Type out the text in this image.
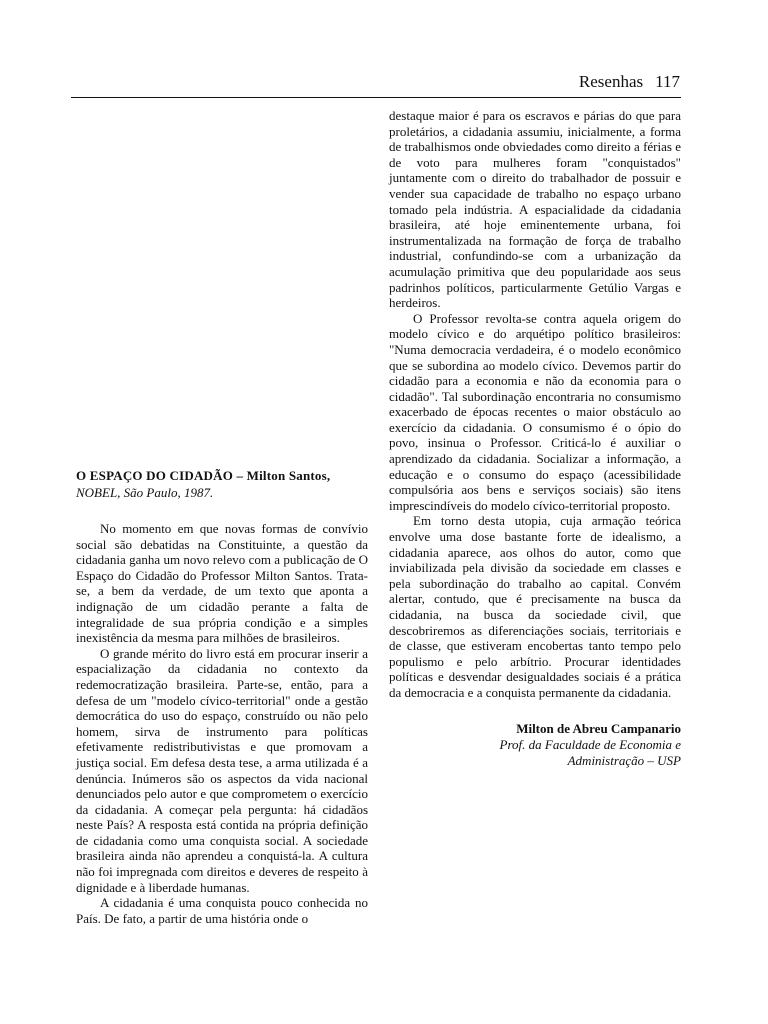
Resenhas 117
O ESPAÇO DO CIDADÃO – Milton Santos,
NOBEL, São Paulo, 1987.

No momento em que novas formas de convívio social são debatidas na Constituinte, a questão da cidadania ganha um novo relevo com a publicação de O Espaço do Cidadão do Professor Milton Santos. Trata-se, a bem da verdade, de um texto que aponta a indignação de um cidadão perante a falta de integralidade de sua própria condição e a simples inexistência da mesma para milhões de brasileiros.

O grande mérito do livro está em procurar inserir a espacialização da cidadania no contexto da redemocratização brasileira. Parte-se, então, para a defesa de um "modelo cívico-territorial" onde a gestão democrática do uso do espaço, construído ou não pelo homem, sirva de instrumento para políticas efetivamente redistributivistas e que promovam a justiça social. Em defesa desta tese, a arma utilizada é a denúncia. Inúmeros são os aspectos da vida nacional denunciados pelo autor e que comprometem o exercício da cidadania. A começar pela pergunta: há cidadãos neste País? A resposta está contida na própria definição de cidadania como uma conquista social. A sociedade brasileira ainda não aprendeu a conquistá-la. A cultura não foi impregnada com direitos e deveres de respeito à dignidade e à liberdade humanas.

A cidadania é uma conquista pouco conhecida no País. De fato, a partir de uma história onde o

destaque maior é para os escravos e párias do que para proletários, a cidadania assumiu, inicialmente, a forma de trabalhismos onde obviedades como direito a férias e de voto para mulheres foram "conquistados" juntamente com o direito do trabalhador de possuir e vender sua capacidade de trabalho no espaço urbano tomado pela indústria. A espacialidade da cidadania brasileira, até hoje eminentemente urbana, foi instrumentalizada na formação de força de trabalho industrial, confundindo-se com a urbanização da acumulação primitiva que deu popularidade aos seus padrinhos políticos, particularmente Getúlio Vargas e herdeiros.

O Professor revolta-se contra aquela origem do modelo cívico e do arquétipo político brasileiros: "Numa democracia verdadeira, é o modelo econômico que se subordina ao modelo cívico. Devemos partir do cidadão para a economia e não da economia para o cidadão". Tal subordinação encontraria no consumismo exacerbado de épocas recentes o maior obstáculo ao exercício da cidadania. O consumismo é o ópio do povo, insinua o Professor. Criticá-lo é auxiliar o aprendizado da cidadania. Socializar a informação, a educação e o consumo do espaço (acessibilidade compulsória aos bens e serviços sociais) são itens imprescindíveis do modelo cívico-territorial proposto.

Em torno desta utopia, cuja armação teórica envolve uma dose bastante forte de idealismo, a cidadania aparece, aos olhos do autor, como que inviabilizada pela divisão da sociedade em classes e pela subordinação do trabalho ao capital. Convém alertar, contudo, que é precisamente na busca da cidadania, na busca da sociedade civil, que descobriremos as diferenciações sociais, territoriais e de classe, que estiveram encobertas tanto tempo pelo populismo e pelo arbítrio. Procurar identidades políticas e desvendar desigualdades sociais é a prática da democracia e a conquista permanente da cidadania.

Milton de Abreu Campanario
Prof. da Faculdade de Economia e
Administração – USP
